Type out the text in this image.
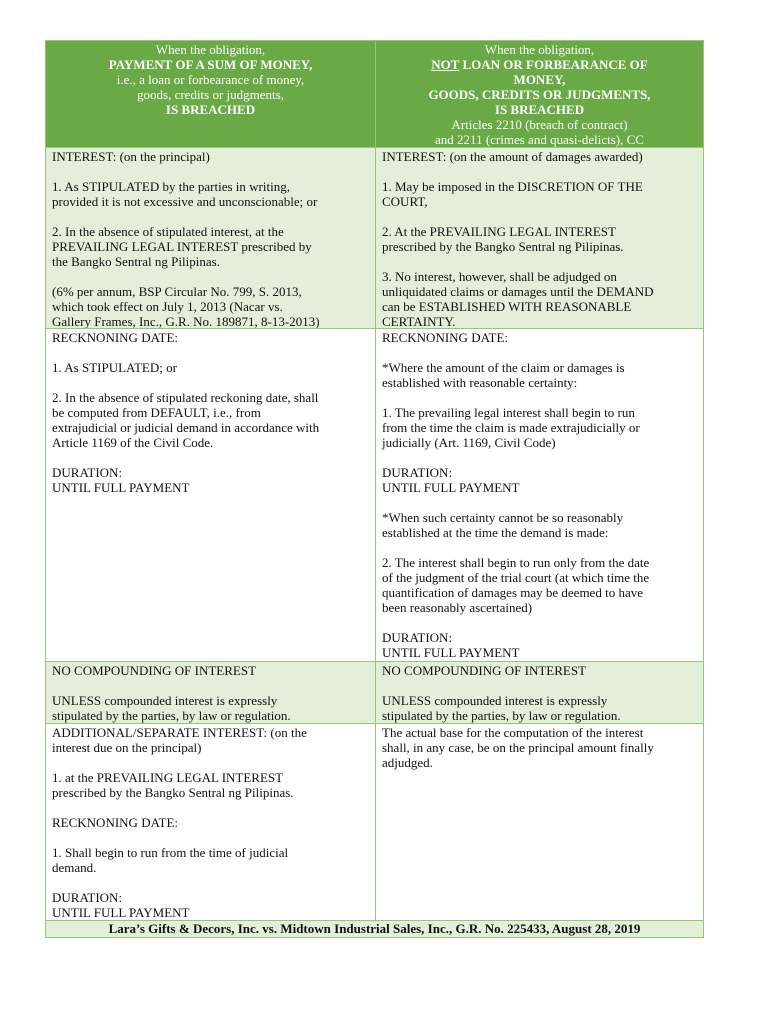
When the obligation,
PAYMENT OF A SUM OF MONEY,
i.e., a loan or forbearance of money,
goods, credits or judgments,
IS BREACHED
When the obligation,
NOT LOAN OR FORBEARANCE OF
MONEY,
GOODS, CREDITS OR JUDGMENTS,
IS BREACHED
Articles 2210 (breach of contract)
and 2211 (crimes and quasi-delicts), CC
INTEREST: (on the principal)
1. As STIPULATED by the parties in writing,
provided it is not excessive and unconscionable; or
2. In the absence of stipulated interest, at the
PREVAILING LEGAL INTEREST prescribed by
the Bangko Sentral ng Pilipinas.
(6% per annum, BSP Circular No. 799, S. 2013,
which took effect on July 1, 2013 (Nacar vs.
Gallery Frames, Inc., G.R. No. 189871, 8-13-2013)
INTEREST: (on the amount of damages awarded)
1. May be imposed in the DISCRETION OF THE
COURT,
2. At the PREVAILING LEGAL INTEREST
prescribed by the Bangko Sentral ng Pilipinas.
3. No interest, however, shall be adjudged on
unliquidated claims or damages until the DEMAND
can be ESTABLISHED WITH REASONABLE
CERTAINTY.
RECKNONING DATE:
1. As STIPULATED; or
2. In the absence of stipulated reckoning date, shall
be computed from DEFAULT, i.e., from
extrajudicial or judicial demand in accordance with
Article 1169 of the Civil Code.
DURATION:
UNTIL FULL PAYMENT
RECKNONING DATE:
*Where the amount of the claim or damages is
established with reasonable certainty:
1. The prevailing legal interest shall begin to run
from the time the claim is made extrajudicially or
judicially (Art. 1169, Civil Code)
DURATION:
UNTIL FULL PAYMENT
*When such certainty cannot be so reasonably
established at the time the demand is made:
2. The interest shall begin to run only from the date
of the judgment of the trial court (at which time the
quantification of damages may be deemed to have
been reasonably ascertained)
DURATION:
UNTIL FULL PAYMENT
NO COMPOUNDING OF INTEREST
UNLESS compounded interest is expressly
stipulated by the parties, by law or regulation.
NO COMPOUNDING OF INTEREST
UNLESS compounded interest is expressly
stipulated by the parties, by law or regulation.
ADDITIONAL/SEPARATE INTEREST: (on the
interest due on the principal)
1. at the PREVAILING LEGAL INTEREST
prescribed by the Bangko Sentral ng Pilipinas.
RECKNONING DATE:
1. Shall begin to run from the time of judicial
demand.
DURATION:
UNTIL FULL PAYMENT
The actual base for the computation of the interest
shall, in any case, be on the principal amount finally
adjudged.
Lara’s Gifts & Decors, Inc. vs. Midtown Industrial Sales, Inc., G.R. No. 225433, August 28, 2019
